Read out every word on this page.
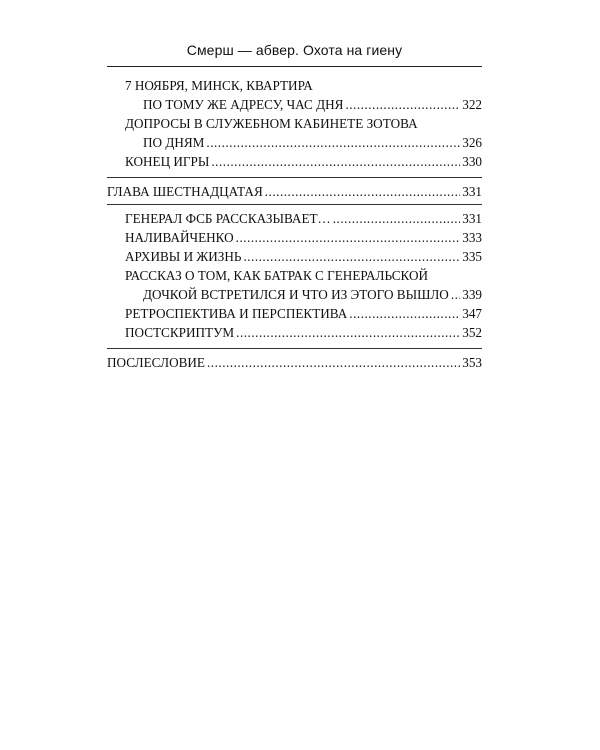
Смерш — абвер. Охота на гиену
7 НОЯБРЯ, МИНСК, КВАРТИРА
ПО ТОМУ ЖЕ АДРЕСУ, ЧАС ДНЯ .....	322
ДОПРОСЫ В СЛУЖЕБНОМ КАБИНЕТЕ ЗОТОВА
ПО ДНЯМ .....	326
КОНЕЦ ИГРЫ .....	330
ГЛАВА ШЕСТНАДЦАТАЯ .....	331
ГЕНЕРАЛ ФСБ РАССКАЗЫВАЕТ… .....	331
НАЛИВАЙЧЕНКО .....	333
АРХИВЫ И ЖИЗНЬ .....	335
РАССКАЗ О ТОМ, КАК БАТРАК С ГЕНЕРАЛЬСКОЙ
ДОЧКОЙ ВСТРЕТИЛСЯ И ЧТО ИЗ ЭТОГО ВЫШЛО ..... 339
РЕТРОСПЕКТИВА И ПЕРСПЕКТИВА .....	347
ПОСТСКРИПТУМ .....	352
ПОСЛЕСЛОВИЕ .....	353
